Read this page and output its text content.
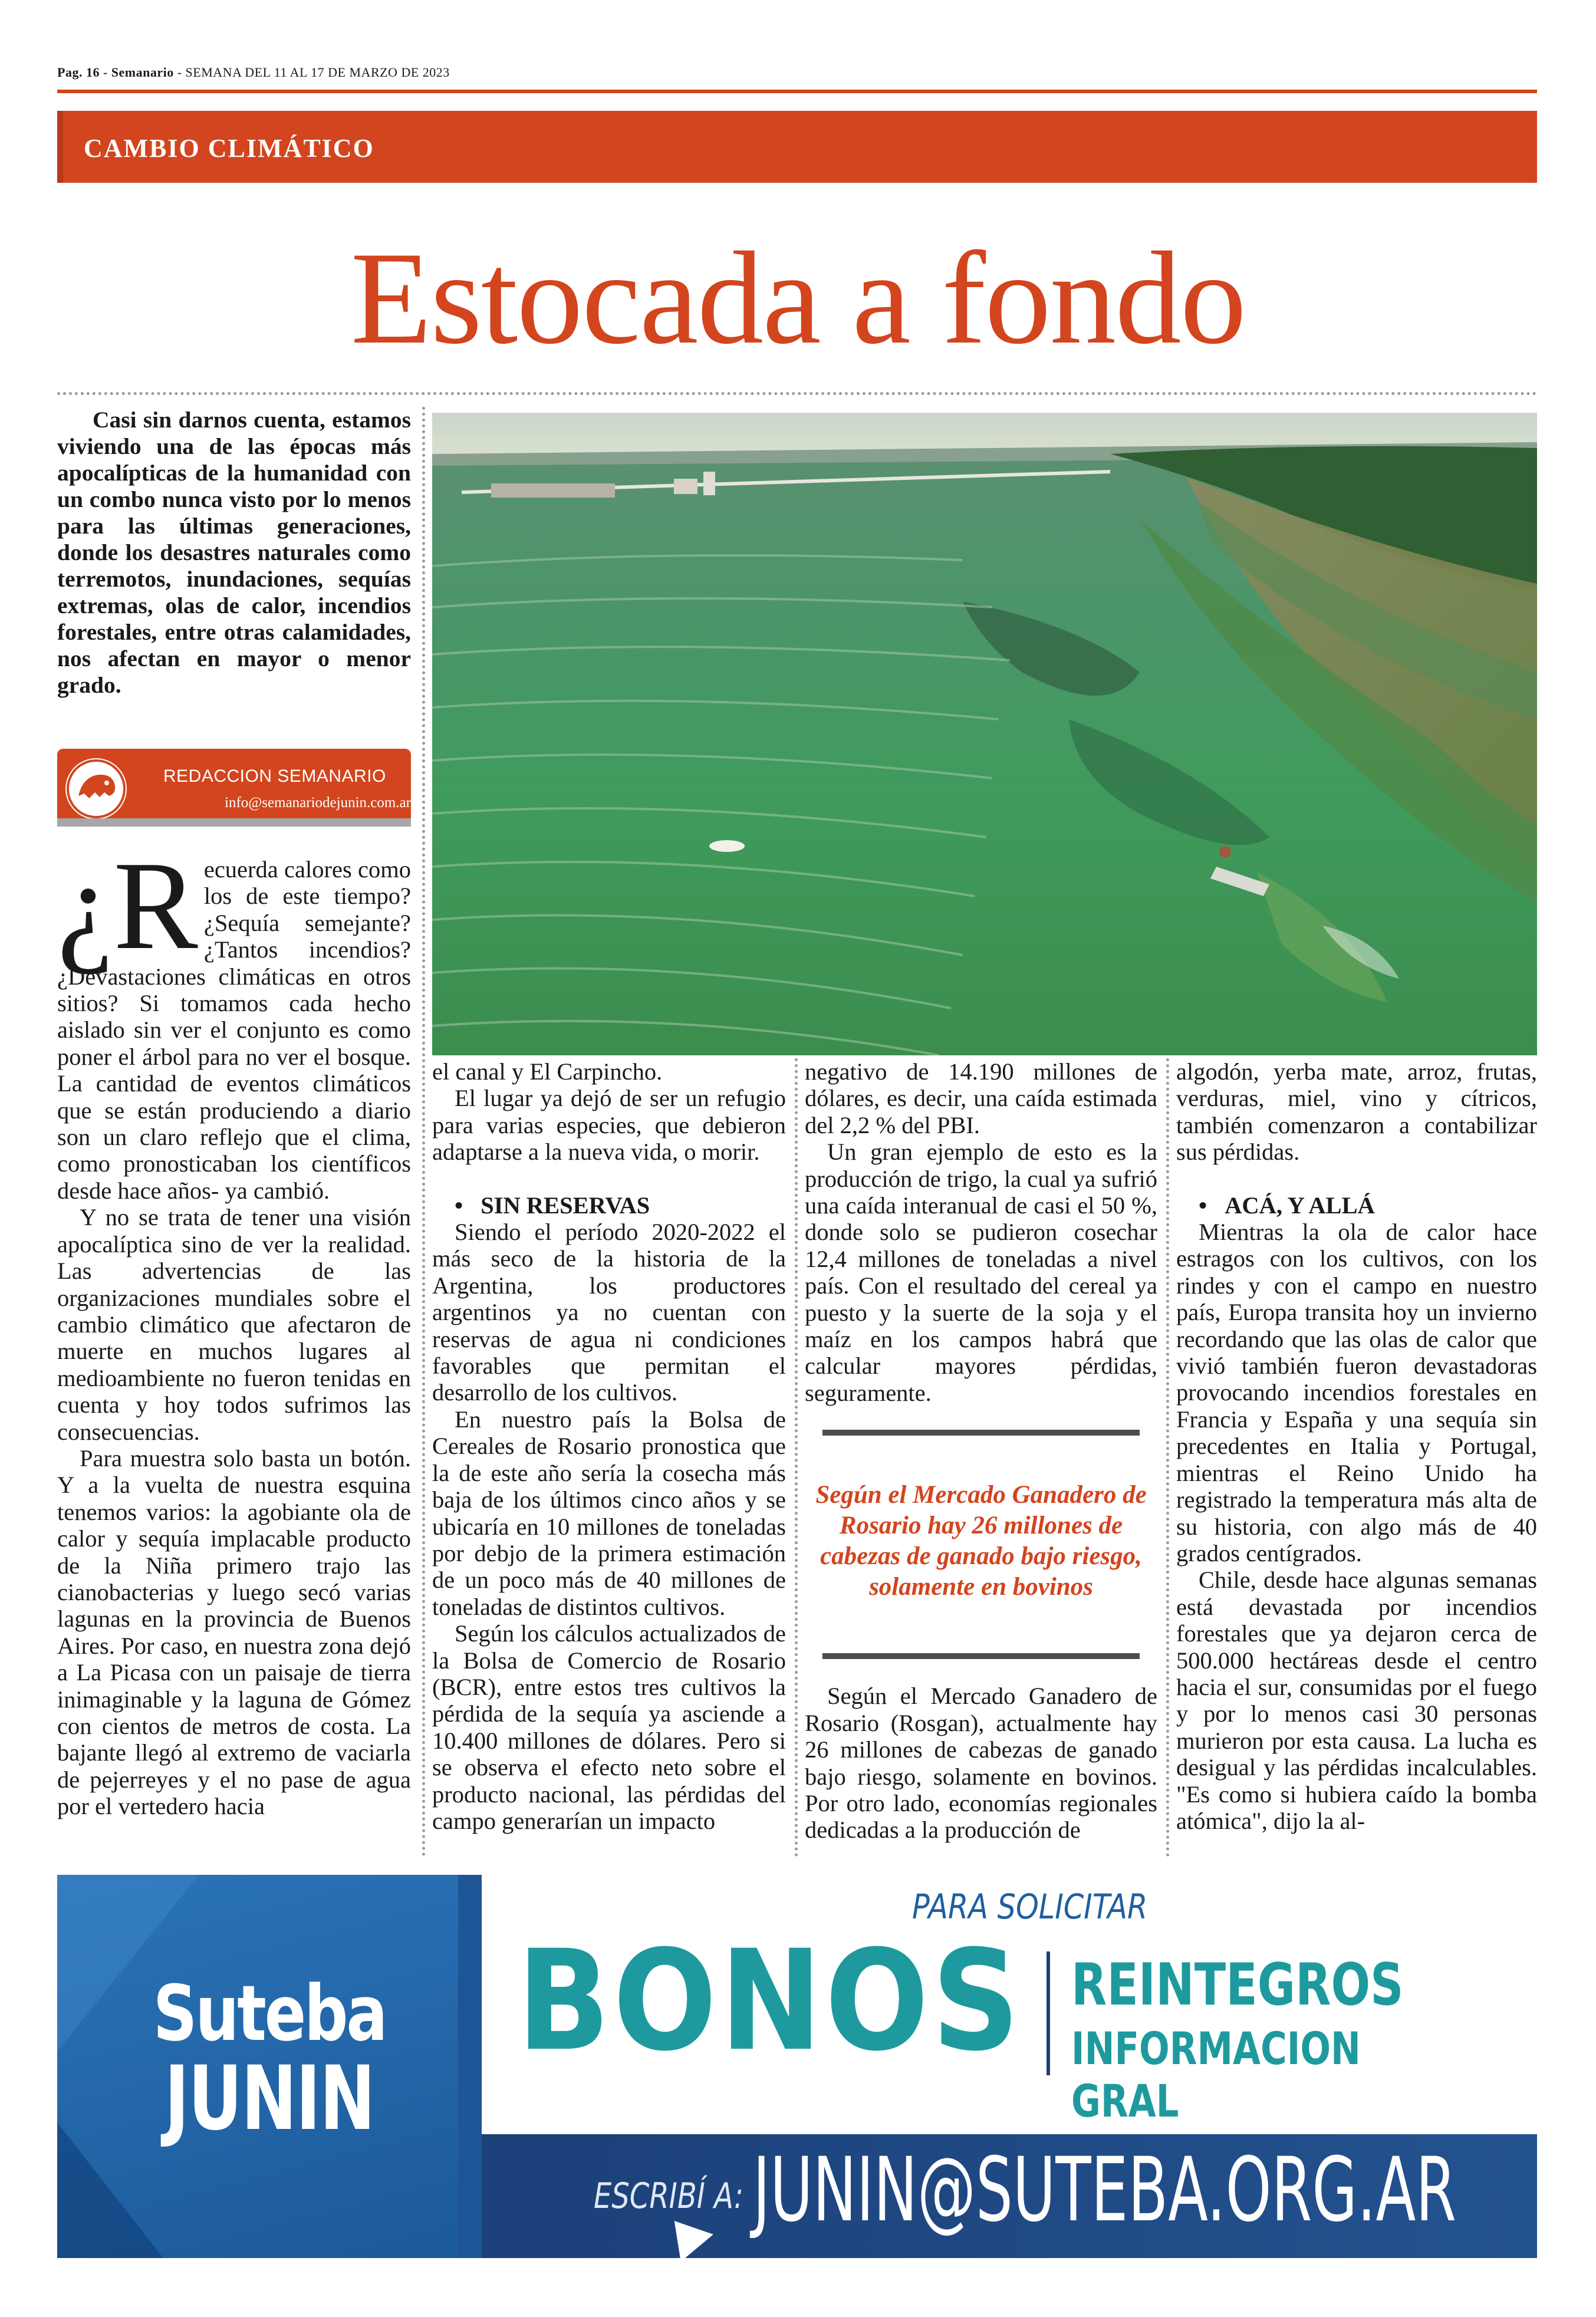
Pag. 16 - Semanario - SEMANA DEL 11 AL 17 DE MARZO DE 2023
CAMBIO CLIMÁTICO
Estocada a fondo

Casi sin darnos cuenta, estamos viviendo una de las épocas más apocalípticas de la humanidad con un combo nunca visto por lo menos para las últimas generaciones, donde los desastres naturales como terremotos, inundaciones, sequías extremas, olas de calor, incendios forestales, entre otras calamidades, nos afectan en mayor o menor grado.

REDACCION SEMANARIO
info@semanariodejunin.com.ar

¿R ecuerda calores como los de este tiempo? ¿Sequía semejante? ¿Tantos incendios? ¿Devastaciones climáticas en otros sitios? Si tomamos cada hecho aislado sin ver el conjunto es como poner el árbol para no ver el bosque. La cantidad de eventos climáticos que se están produciendo a diario son un claro reflejo que el clima, como pronosticaban los científicos desde hace años- ya cambió.

Y no se trata de tener una visión apocalíptica sino de ver la realidad. Las advertencias de las organizaciones mundiales sobre el cambio climático que afectaron de muerte en muchos lugares al medioambiente no fueron tenidas en cuenta y hoy todos sufrimos las consecuencias.

Para muestra solo basta un botón. Y a la vuelta de nuestra esquina tenemos varios: la agobiante ola de calor y sequía implacable producto de la Niña primero trajo las cianobacterias y luego secó varias lagunas en la provincia de Buenos Aires. Por caso, en nuestra zona dejó a La Picasa con un paisaje de tierra inimaginable y la laguna de Gómez con cientos de metros de costa. La bajante llegó al extremo de vaciarla de pejerreyes y el no pase de agua por el vertedero hacia

el canal y El Carpincho.

El lugar ya dejó de ser un refugio para varias especies, que debieron adaptarse a la nueva vida, o morir.

• SIN RESERVAS

Siendo el período 2020-2022 el más seco de la historia de la Argentina, los productores argentinos ya no cuentan con reservas de agua ni condiciones favorables que permitan el desarrollo de los cultivos.

En nuestro país la Bolsa de Cereales de Rosario pronostica que la de este año sería la cosecha más baja de los últimos cinco años y se ubicaría en 10 millones de toneladas por debjo de la primera estimación de un poco más de 40 millones de toneladas de distintos cultivos.

Según los cálculos actualizados de la Bolsa de Comercio de Rosario (BCR), entre estos tres cultivos la pérdida de la sequía ya asciende a 10.400 millones de dólares. Pero si se observa el efecto neto sobre el producto nacional, las pérdidas del campo generarían un impacto

negativo de 14.190 millones de dólares, es decir, una caída estimada del 2,2 % del PBI.

Un gran ejemplo de esto es la producción de trigo, la cual ya sufrió una caída interanual de casi el 50 %, donde solo se pudieron cosechar 12,4 millones de toneladas a nivel país. Con el resultado del cereal ya puesto y la suerte de la soja y el maíz en los campos habrá que calcular mayores pérdidas, seguramente.

Según el Mercado Ganadero de Rosario hay 26 millones de cabezas de ganado bajo riesgo, solamente en bovinos

Según el Mercado Ganadero de Rosario (Rosgan), actualmente hay 26 millones de cabezas de ganado bajo riesgo, solamente en bovinos. Por otro lado, economías regionales dedicadas a la producción de

algodón, yerba mate, arroz, frutas, verduras, miel, vino y cítricos, también comenzaron a contabilizar sus pérdidas.

• ACÁ, Y ALLÁ

Mientras la ola de calor hace estragos con los cultivos, con los rindes y con el campo en nuestro país, Europa transita hoy un invierno recordando que las olas de calor que vivió también fueron devastadoras provocando incendios forestales en Francia y España y una sequía sin precedentes en Italia y Portugal, mientras el Reino Unido ha registrado la temperatura más alta de su historia, con algo más de 40 grados centígrados.

Chile, desde hace algunas semanas está devastada por incendios forestales que ya dejaron cerca de 500.000 hectáreas desde el centro hacia el sur, consumidas por el fuego y por lo menos casi 30 personas murieron por esta causa. La lucha es desigual y las pérdidas incalculables. "Es como si hubiera caído la bomba atómica", dijo la al-

Suteba
JUNIN
PARA SOLICITAR
BONOS REINTEGROS
INFORMACION GRAL
ESCRIBÍ A: JUNIN@SUTEBA.ORG.AR
